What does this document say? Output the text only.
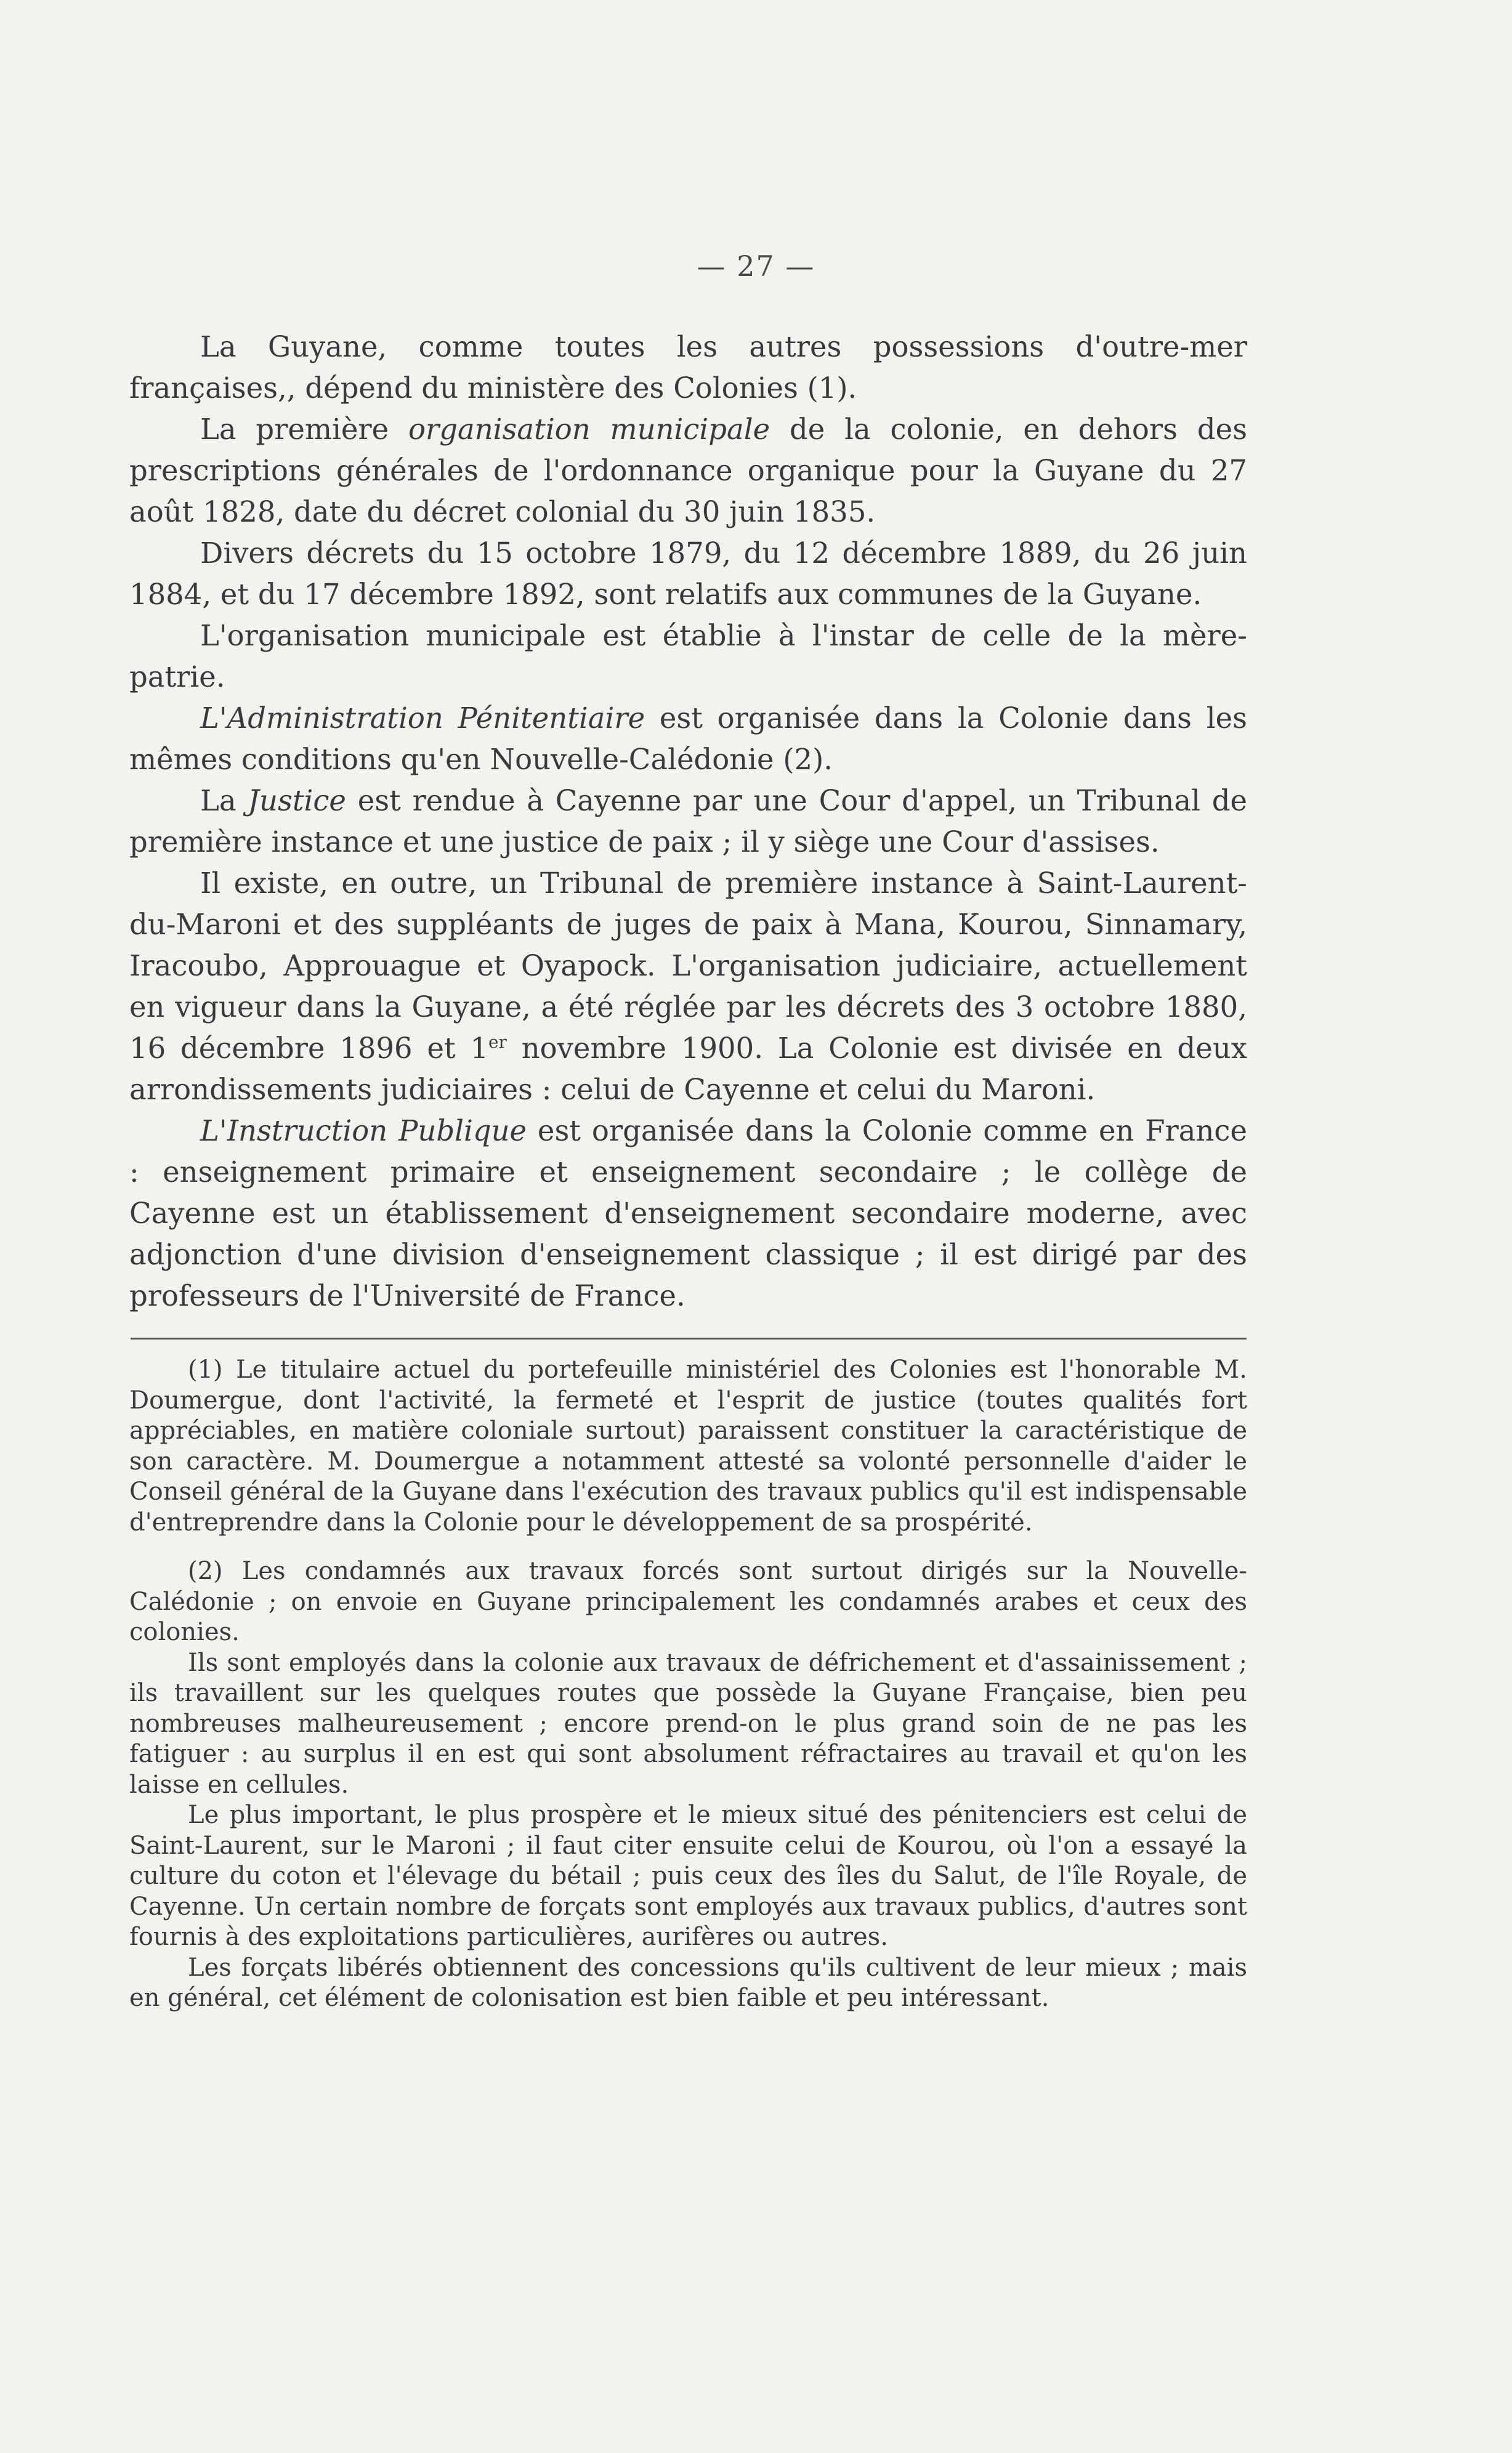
— 27 —

La Guyane, comme toutes les autres possessions d'outre-mer françaises,, dépend du ministère des Colonies (1).

La première organisation municipale de la colonie, en dehors des prescriptions générales de l'ordonnance organique pour la Guyane du 27 août 1828, date du décret colonial du 30 juin 1835.

Divers décrets du 15 octobre 1879, du 12 décembre 1889, du 26 juin 1884, et du 17 décembre 1892, sont relatifs aux communes de la Guyane.

L'organisation municipale est établie à l'instar de celle de la mère-patrie.

L'Administration Pénitentiaire est organisée dans la Colonie dans les mêmes conditions qu'en Nouvelle-Calédonie (2).

La Justice est rendue à Cayenne par une Cour d'appel, un Tribunal de première instance et une justice de paix ; il y siège une Cour d'assises.

Il existe, en outre, un Tribunal de première instance à Saint-Laurent-du-Maroni et des suppléants de juges de paix à Mana, Kourou, Sinnamary, Iracoubo, Approuague et Oyapock. L'organisation judiciaire, actuellement en vigueur dans la Guyane, a été réglée par les décrets des 3 octobre 1880, 16 décembre 1896 et 1er novembre 1900. La Colonie est divisée en deux arrondissements judiciaires : celui de Cayenne et celui du Maroni.

L'Instruction Publique est organisée dans la Colonie comme en France : enseignement primaire et enseignement secondaire ; le collège de Cayenne est un établissement d'enseignement secondaire moderne, avec adjonction d'une division d'enseignement classique ; il est dirigé par des professeurs de l'Université de France.

(1) Le titulaire actuel du portefeuille ministériel des Colonies est l'honorable M. Doumergue, dont l'activité, la fermeté et l'esprit de justice (toutes qualités fort appréciables, en matière coloniale surtout) paraissent constituer la caractéristique de son caractère. M. Doumergue a notamment attesté sa volonté personnelle d'aider le Conseil général de la Guyane dans l'exécution des travaux publics qu'il est indispensable d'entreprendre dans la Colonie pour le développement de sa prospérité.

(2) Les condamnés aux travaux forcés sont surtout dirigés sur la Nouvelle-Calédonie ; on envoie en Guyane principalement les condamnés arabes et ceux des colonies.

Ils sont employés dans la colonie aux travaux de défrichement et d'assainissement ; ils travaillent sur les quelques routes que possède la Guyane Française, bien peu nombreuses malheureusement ; encore prend-on le plus grand soin de ne pas les fatiguer : au surplus il en est qui sont absolument réfractaires au travail et qu'on les laisse en cellules.

Le plus important, le plus prospère et le mieux situé des pénitenciers est celui de Saint-Laurent, sur le Maroni ; il faut citer ensuite celui de Kourou, où l'on a essayé la culture du coton et l'élevage du bétail ; puis ceux des îles du Salut, de l'île Royale, de Cayenne. Un certain nombre de forçats sont employés aux travaux publics, d'autres sont fournis à des exploitations particulières, aurifères ou autres.

Les forçats libérés obtiennent des concessions qu'ils cultivent de leur mieux ; mais en général, cet élément de colonisation est bien faible et peu intéressant.
